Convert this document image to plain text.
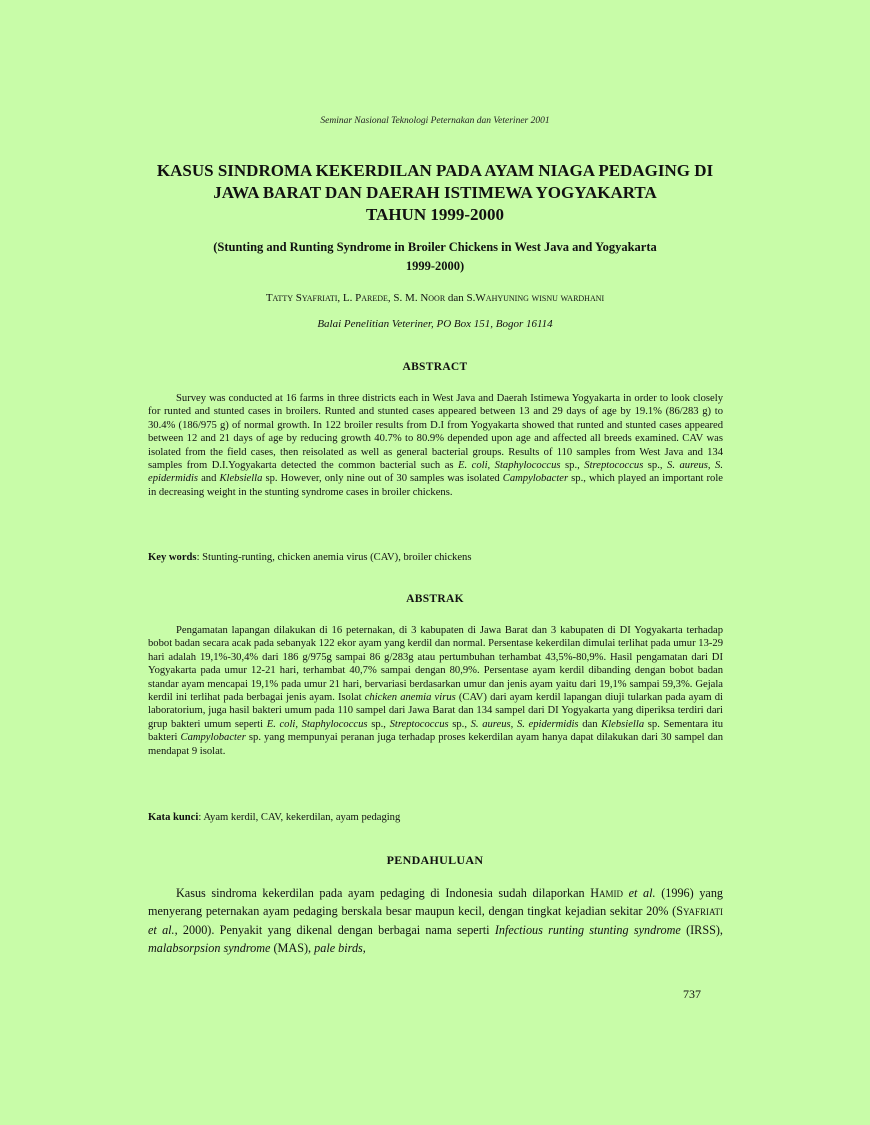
Seminar Nasional Teknologi Peternakan dan Veteriner 2001
KASUS SINDROMA KEKERDILAN PADA AYAM NIAGA PEDAGING DI
JAWA BARAT DAN DAERAH ISTIMEWA YOGYAKARTA
TAHUN 1999-2000
(Stunting and Runting Syndrome in Broiler Chickens in West Java and Yogyakarta
1999-2000)
Tatty Syafriati, L. Parede, S. M. Noor dan S.Wahyuning wisnu wardhani
Balai Penelitian Veteriner, PO Box 151, Bogor 16114
ABSTRACT

Survey was conducted at 16 farms in three districts each in West Java and Daerah Istimewa Yogyakarta in order to look closely for runted and stunted cases in broilers. Runted and stunted cases appeared between 13 and 29 days of age by 19.1% (86/283 g) to 30.4% (186/975 g) of normal growth. In 122 broiler results from D.I from Yogyakarta showed that runted and stunted cases appeared between 12 and 21 days of age by reducing growth 40.7% to 80.9% depended upon age and affected all breeds examined. CAV was isolated from the field cases, then reisolated as well as general bacterial groups. Results of 110 samples from West Java and 134 samples from D.I.Yogyakarta detected the common bacterial such as E. coli, Staphylococcus sp., Streptococcus sp., S. aureus, S. epidermidis and Klebsiella sp. However, only nine out of 30 samples was isolated Campylobacter sp., which played an important role in decreasing weight in the stunting syndrome cases in broiler chickens.

Key words: Stunting-runting, chicken anemia virus (CAV), broiler chickens
ABSTRAK

Pengamatan lapangan dilakukan di 16 peternakan, di 3 kabupaten di Jawa Barat dan 3 kabupaten di DI Yogyakarta terhadap bobot badan secara acak pada sebanyak 122 ekor ayam yang kerdil dan normal. Persentase kekerdilan dimulai terlihat pada umur 13-29 hari adalah 19,1%-30,4% dari 186 g/975g sampai 86 g/283g atau pertumbuhan terhambat 43,5%-80,9%. Hasil pengamatan dari DI Yogyakarta pada umur 12-21 hari, terhambat 40,7% sampai dengan 80,9%. Persentase ayam kerdil dibanding dengan bobot badan standar ayam mencapai 19,1% pada umur 21 hari, bervariasi berdasarkan umur dan jenis ayam yaitu dari 19,1% sampai 59,3%. Gejala kerdil ini terlihat pada berbagai jenis ayam. Isolat chicken anemia virus (CAV) dari ayam kerdil lapangan diuji tularkan pada ayam di laboratorium, juga hasil bakteri umum pada 110 sampel dari Jawa Barat dan 134 sampel dari DI Yogyakarta yang diperiksa terdiri dari grup bakteri umum seperti E. coli, Staphylococcus sp., Streptococcus sp., S. aureus, S. epidermidis dan Klebsiella sp. Sementara itu bakteri Campylobacter sp. yang mempunyai peranan juga terhadap proses kekerdilan ayam hanya dapat dilakukan dari 30 sampel dan mendapat 9 isolat.

Kata kunci: Ayam kerdil, CAV, kekerdilan, ayam pedaging
PENDAHULUAN

Kasus sindroma kekerdilan pada ayam pedaging di Indonesia sudah dilaporkan Hamid et al. (1996) yang menyerang peternakan ayam pedaging berskala besar maupun kecil, dengan tingkat kejadian sekitar 20% (Syafriati et al., 2000). Penyakit yang dikenal dengan berbagai nama seperti Infectious runting stunting syndrome (IRSS), malabsorpsion syndrome (MAS), pale birds,

737
